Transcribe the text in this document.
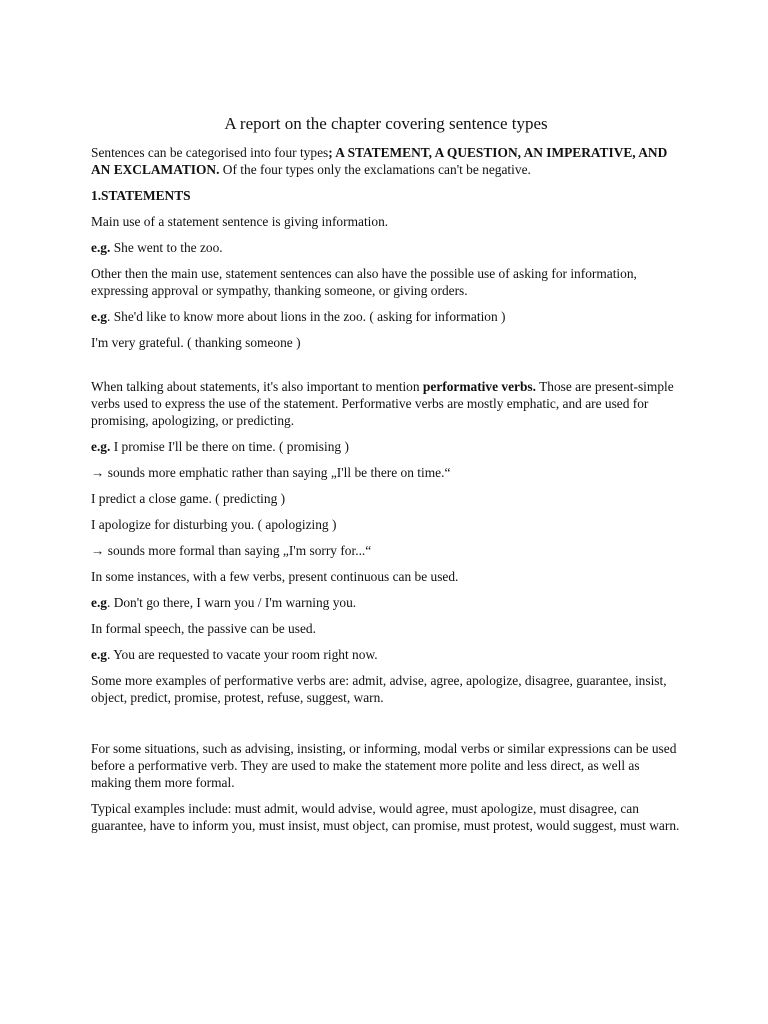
A report on the chapter covering sentence types

Sentences can be categorised into four types; A STATEMENT, A QUESTION, AN IMPERATIVE, AND AN EXCLAMATION. Of the four types only the exclamations can't be negative.

1.STATEMENTS

Main use of a statement sentence is giving information.

e.g. She went to the zoo.

Other then the main use, statement sentences can also have the possible use of asking for information, expressing approval or sympathy, thanking someone, or giving orders.

e.g. She'd like to know more about lions in the zoo. ( asking for information )

I'm very grateful. ( thanking someone )

When talking about statements, it's also important to mention performative verbs. Those are present-simple verbs used to express the use of the statement. Performative verbs are mostly emphatic, and are used for promising, apologizing, or predicting.

e.g. I promise I'll be there on time. ( promising )

→ sounds more emphatic rather than saying „I'll be there on time.“

I predict a close game. ( predicting )

I apologize for disturbing you. ( apologizing )

→ sounds more formal than saying „I'm sorry for...“

In some instances, with a few verbs, present continuous can be used.

e.g. Don't go there, I warn you / I'm warning you.

In formal speech, the passive can be used.

e.g. You are requested to vacate your room right now.

Some more examples of performative verbs are: admit, advise, agree, apologize, disagree, guarantee, insist, object, predict, promise, protest, refuse, suggest, warn.

For some situations, such as advising, insisting, or informing, modal verbs or similar expressions can be used before a performative verb. They are used to make the statement more polite and less direct, as well as making them more formal.

Typical examples include: must admit, would advise, would agree, must apologize, must disagree, can guarantee, have to inform you, must insist, must object, can promise, must protest, would suggest, must warn.
